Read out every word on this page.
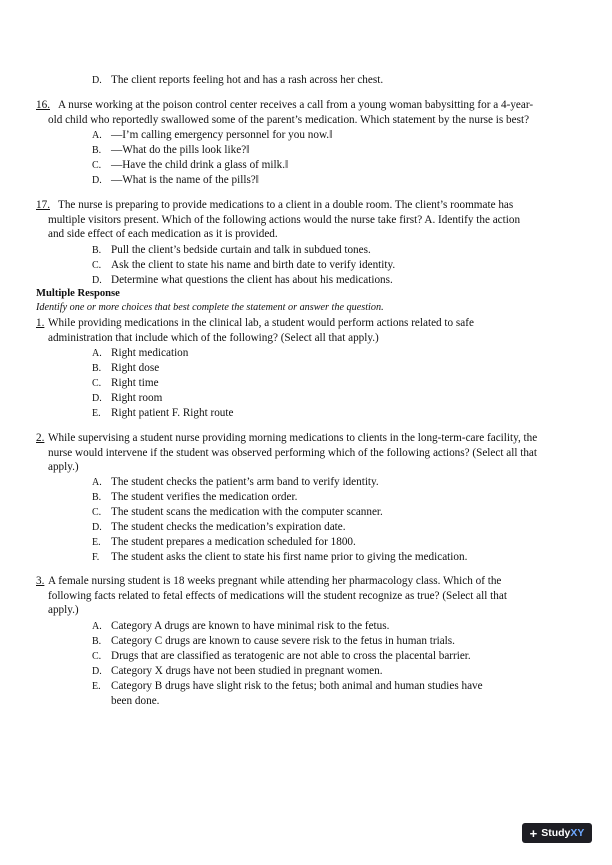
D. The client reports feeling hot and has a rash across her chest.
16. A nurse working at the poison control center receives a call from a young woman babysitting for a 4-year-
old child who reportedly swallowed some of the parent’s medication. Which statement by the nurse is best?
A. ―I’m calling emergency personnel for you now.‖
B. ―What do the pills look like?‖
C. ―Have the child drink a glass of milk.‖
D. ―What is the name of the pills?‖
17. The nurse is preparing to provide medications to a client in a double room. The client’s roommate has
multiple visitors present. Which of the following actions would the nurse take first? A. Identify the action
and side effect of each medication as it is provided.
B. Pull the client’s bedside curtain and talk in subdued tones.
C. Ask the client to state his name and birth date to verify identity.
D. Determine what questions the client has about his medications.
Multiple Response
Identify one or more choices that best complete the statement or answer the question.
1. While providing medications in the clinical lab, a student would perform actions related to safe
administration that include which of the following? (Select all that apply.)
A. Right medication
B. Right dose
C. Right time
D. Right room
E. Right patient F. Right route
2. While supervising a student nurse providing morning medications to clients in the long-term-care facility, the
nurse would intervene if the student was observed performing which of the following actions? (Select all that
apply.)
A. The student checks the patient’s arm band to verify identity.
B. The student verifies the medication order.
C. The student scans the medication with the computer scanner.
D. The student checks the medication’s expiration date.
E. The student prepares a medication scheduled for 1800.
F. The student asks the client to state his first name prior to giving the medication.
3. A female nursing student is 18 weeks pregnant while attending her pharmacology class. Which of the
following facts related to fetal effects of medications will the student recognize as true? (Select all that
apply.)
A. Category A drugs are known to have minimal risk to the fetus.
B. Category C drugs are known to cause severe risk to the fetus in human trials.
C. Drugs that are classified as teratogenic are not able to cross the placental barrier.
D. Category X drugs have not been studied in pregnant women.
E. Category B drugs have slight risk to the fetus; both animal and human studies have
been done.
+ StudyXY
